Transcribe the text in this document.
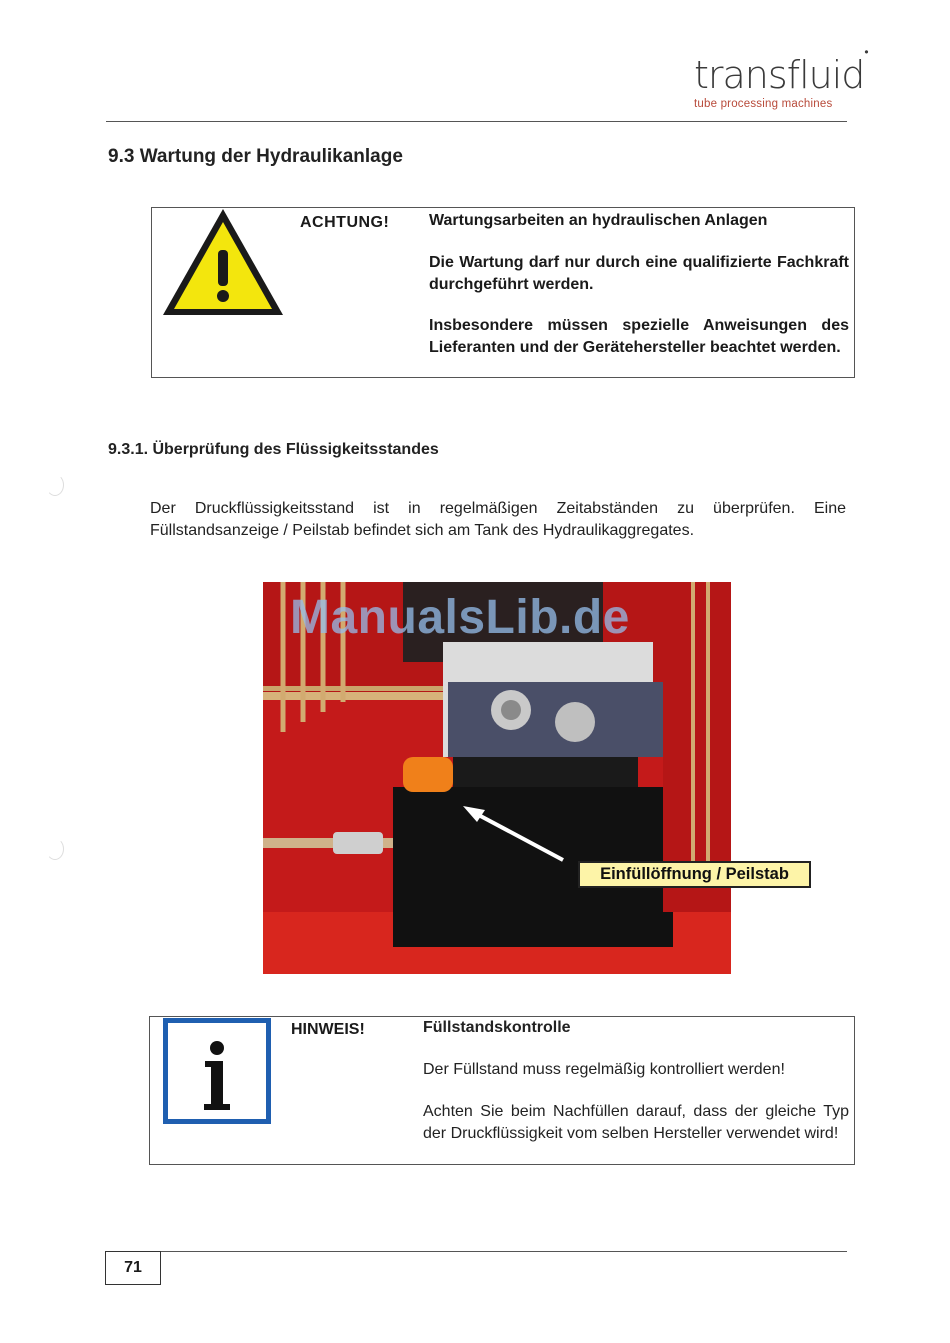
transfluid•
tube processing machines
9.3 Wartung der Hydraulikanlage
ACHTUNG! Wartungsarbeiten an hydraulischen Anlagen
Die Wartung darf nur durch eine qualifizierte Fachkraft durchgeführt werden.
Insbesondere müssen spezielle Anweisungen des Lieferanten und der Gerätehersteller beachtet werden.
9.3.1. Überprüfung des Flüssigkeitsstandes
Der Druckflüssigkeitsstand ist in regelmäßigen Zeitabständen zu überprüfen. Eine Füllstandsanzeige / Peilstab befindet sich am Tank des Hydraulikaggregates.
ManualsLib.de
Einfüllöffnung / Peilstab
HINWEIS!	Füllstandskontrolle
Der Füllstand muss regelmäßig kontrolliert werden!
Achten Sie beim Nachfüllen darauf, dass der gleiche Typ der Druckflüssigkeit vom selben Hersteller verwendet wird!
71
